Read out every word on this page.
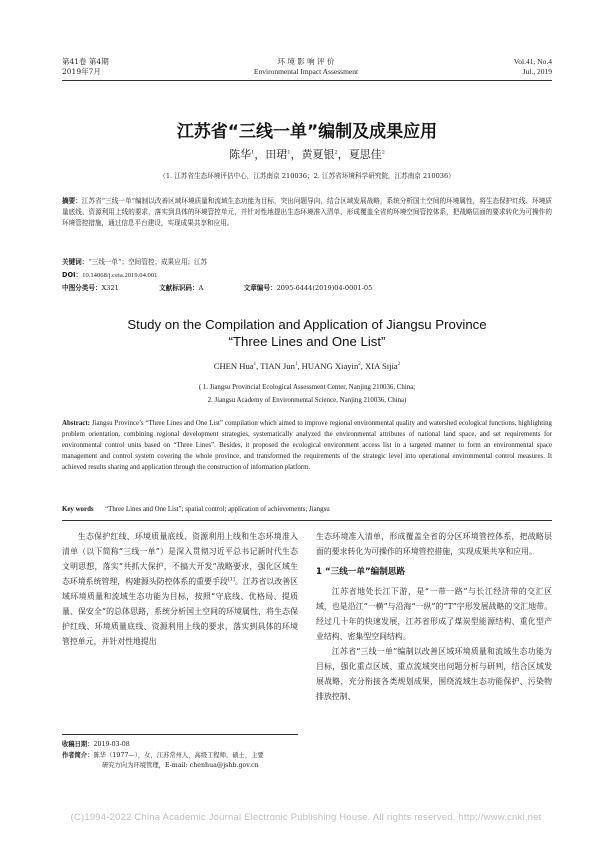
第41卷 第4期
2019年7月
环 境 影 响 评 价
Environmental Impact Assessment
Vol.41, No.4
Jul., 2019
江苏省“三线一单”编制及成果应用
陈华$^1$，田珺$^1$，黄夏银$^2$，夏思佳$^2$
（1. 江苏省生态环境评估中心，江苏南京 210036；2. 江苏省环境科学研究院，江苏南京 210036）
摘要：江苏省“三线一单”编制以改善区域环境质量和流域生态功能为目标，突出问题导向，结合区域发展战略，系统分析国土空间的环境属性，将生态保护红线、环境质量底线、资源利用上线的要求，落实到具体的环境管控单元，并针对性地提出生态环境准入清单，形成覆盖全省的环境空间管控体系，把战略层面的要求转化为可操作的环境管控措施，通过信息平台建设，实现成果共享和应用。
关键词：“三线一单”；空间管控；成果应用；江苏
DOI：10.14068/j.ceia.2019.04.001
中图分类号：X321	文献标识码：A	文章编号：2095-6444(2019)04-0001-05
Study on the Compilation and Application of Jiangsu Province
“Three Lines and One List”
CHEN Hua$^1$, TIAN Jun$^1$, HUANG Xiayin$^2$, XIA Sijia$^2$
( 1. Jiangsu Provincial Ecological Assessment Center, Nanjing 210036, China;
2. Jiangsu Academy of Environmental Science, Nanjing 210036, China)
Abstract: Jiangsu Province’s “Three Lines and One List” compilation which aimed to improve regional environmental quality and watershed ecological functions, highlighting problem orientation, combining regional development strategies, systematically analyzed the environmental attributes of national land space, and set requirements for environmental control units based on “Three Lines”. Besides, it proposed the ecological environment access list in a targeted manner to form an environmental space management and control system covering the whole province, and transformed the requirements of the strategic level into operational environmental control measures. It achieved results sharing and application through the construction of information platform.
Key words “Three Lines and One List”; spatial control; application of achievements; Jiangsu

生态保护红线、环境质量底线、资源利用上线和生态环境准入清单（以下简称“三线一单”）是深入贯彻习近平总书记新时代生态文明思想，落实“共抓大保护，不搞大开发”战略要求，强化区域生态环境系统管理，构建源头防控体系的重要手段[1]。江苏省以改善区域环境质量和流域生态功能为目标，按照“守底线、优格局、提质量、保安全”的总体思路，系统分析国土空间的环境属性，将生态保护红线、环境质量底线、资源利用上线的要求，落实到具体的环境管控单元，并针对性地提出

收稿日期：2019-03-08
作者简介：陈华（1977—），女，江苏常州人，高级工程师，硕士，主要
研究方向为环境管理，E-mail: chenhua@jshb.gov.cn
生态环境准入清单，形成覆盖全省的分区环境管控体系，把战略层面的要求转化为可操作的环境管控措施，实现成果共享和应用。
1 “三线一单”编制思路

江苏省地处长江下游，是“一带一路”与长江经济带的交汇区域，也是沿江“一横”与沿海“一纵”的“T”字形发展战略的交汇地带。经过几十年的快速发展，江苏省形成了煤炭型能源结构、重化型产业结构、密集型空间结构。

江苏省“三线一单”编制以改善区域环境质量和流域生态功能为目标，强化重点区域、重点流域突出问题分析与研判，结合区域发展战略，充分衔接各类规划成果，围绕流域生态功能保护、污染物排放控制、

(C)1994-2022 China Academic Journal Electronic Publishing House. All rights reserved. http://www.cnki.net
